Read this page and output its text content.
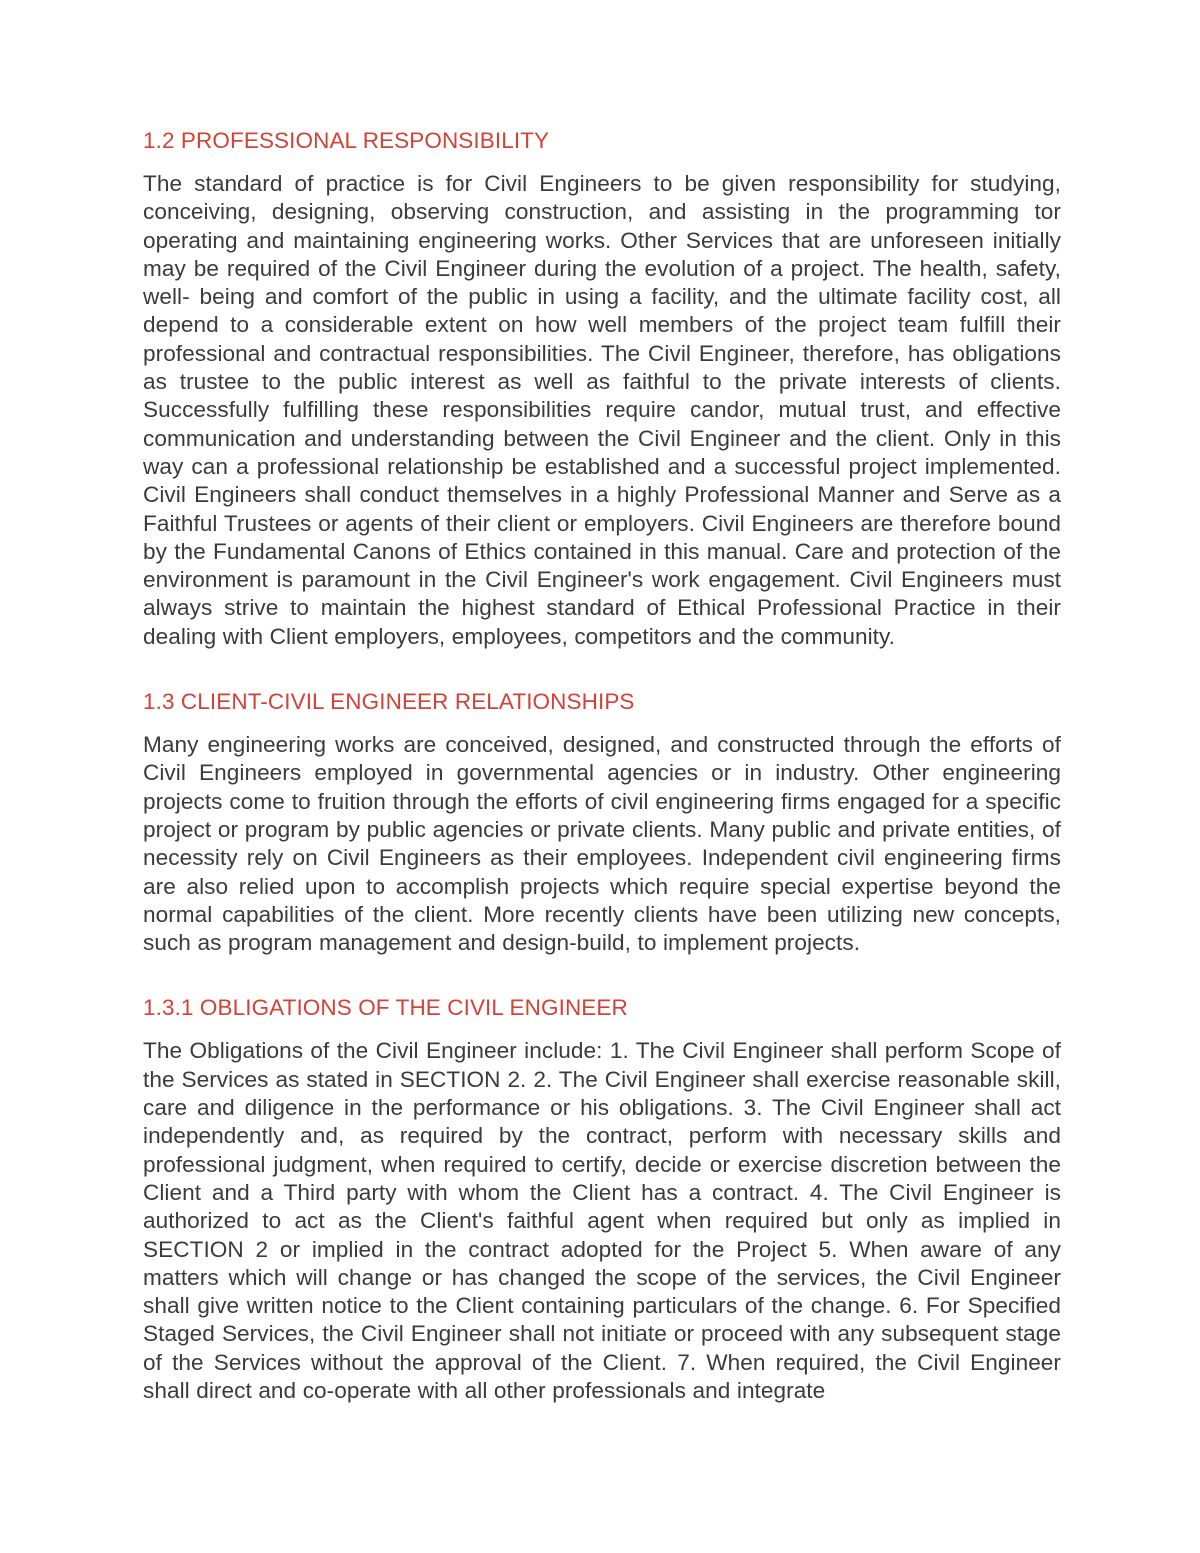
1.2 PROFESSIONAL RESPONSIBILITY

The standard of practice is for Civil Engineers to be given responsibility for studying, conceiving, designing, observing construction, and assisting in the programming tor operating and maintaining engineering works. Other Services that are unforeseen initially may be required of the Civil Engineer during the evolution of a project. The health, safety, well- being and comfort of the public in using a facility, and the ultimate facility cost, all depend to a considerable extent on how well members of the project team fulfill their professional and contractual responsibilities. The Civil Engineer, therefore, has obligations as trustee to the public interest as well as faithful to the private interests of clients. Successfully fulfilling these responsibilities require candor, mutual trust, and effective communication and understanding between the Civil Engineer and the client. Only in this way can a professional relationship be established and a successful project implemented. Civil Engineers shall conduct themselves in a highly Professional Manner and Serve as a Faithful Trustees or agents of their client or employers. Civil Engineers are therefore bound by the Fundamental Canons of Ethics contained in this manual. Care and protection of the environment is paramount in the Civil Engineer's work engagement. Civil Engineers must always strive to maintain the highest standard of Ethical Professional Practice in their dealing with Client employers, employees, competitors and the community.

1.3 CLIENT-CIVIL ENGINEER RELATIONSHIPS

Many engineering works are conceived, designed, and constructed through the efforts of Civil Engineers employed in governmental agencies or in industry. Other engineering projects come to fruition through the efforts of civil engineering firms engaged for a specific project or program by public agencies or private clients. Many public and private entities, of necessity rely on Civil Engineers as their employees. Independent civil engineering firms are also relied upon to accomplish projects which require special expertise beyond the normal capabilities of the client. More recently clients have been utilizing new concepts, such as program management and design-build, to implement projects.

1.3.1 OBLIGATIONS OF THE CIVIL ENGINEER

The Obligations of the Civil Engineer include: 1. The Civil Engineer shall perform Scope of the Services as stated in SECTION 2. 2. The Civil Engineer shall exercise reasonable skill, care and diligence in the performance or his obligations. 3. The Civil Engineer shall act independently and, as required by the contract, perform with necessary skills and professional judgment, when required to certify, decide or exercise discretion between the Client and a Third party with whom the Client has a contract. 4. The Civil Engineer is authorized to act as the Client's faithful agent when required but only as implied in SECTION 2 or implied in the contract adopted for the Project 5. When aware of any matters which will change or has changed the scope of the services, the Civil Engineer shall give written notice to the Client containing particulars of the change. 6. For Specified Staged Services, the Civil Engineer shall not initiate or proceed with any subsequent stage of the Services without the approval of the Client. 7. When required, the Civil Engineer shall direct and co-operate with all other professionals and integrate
